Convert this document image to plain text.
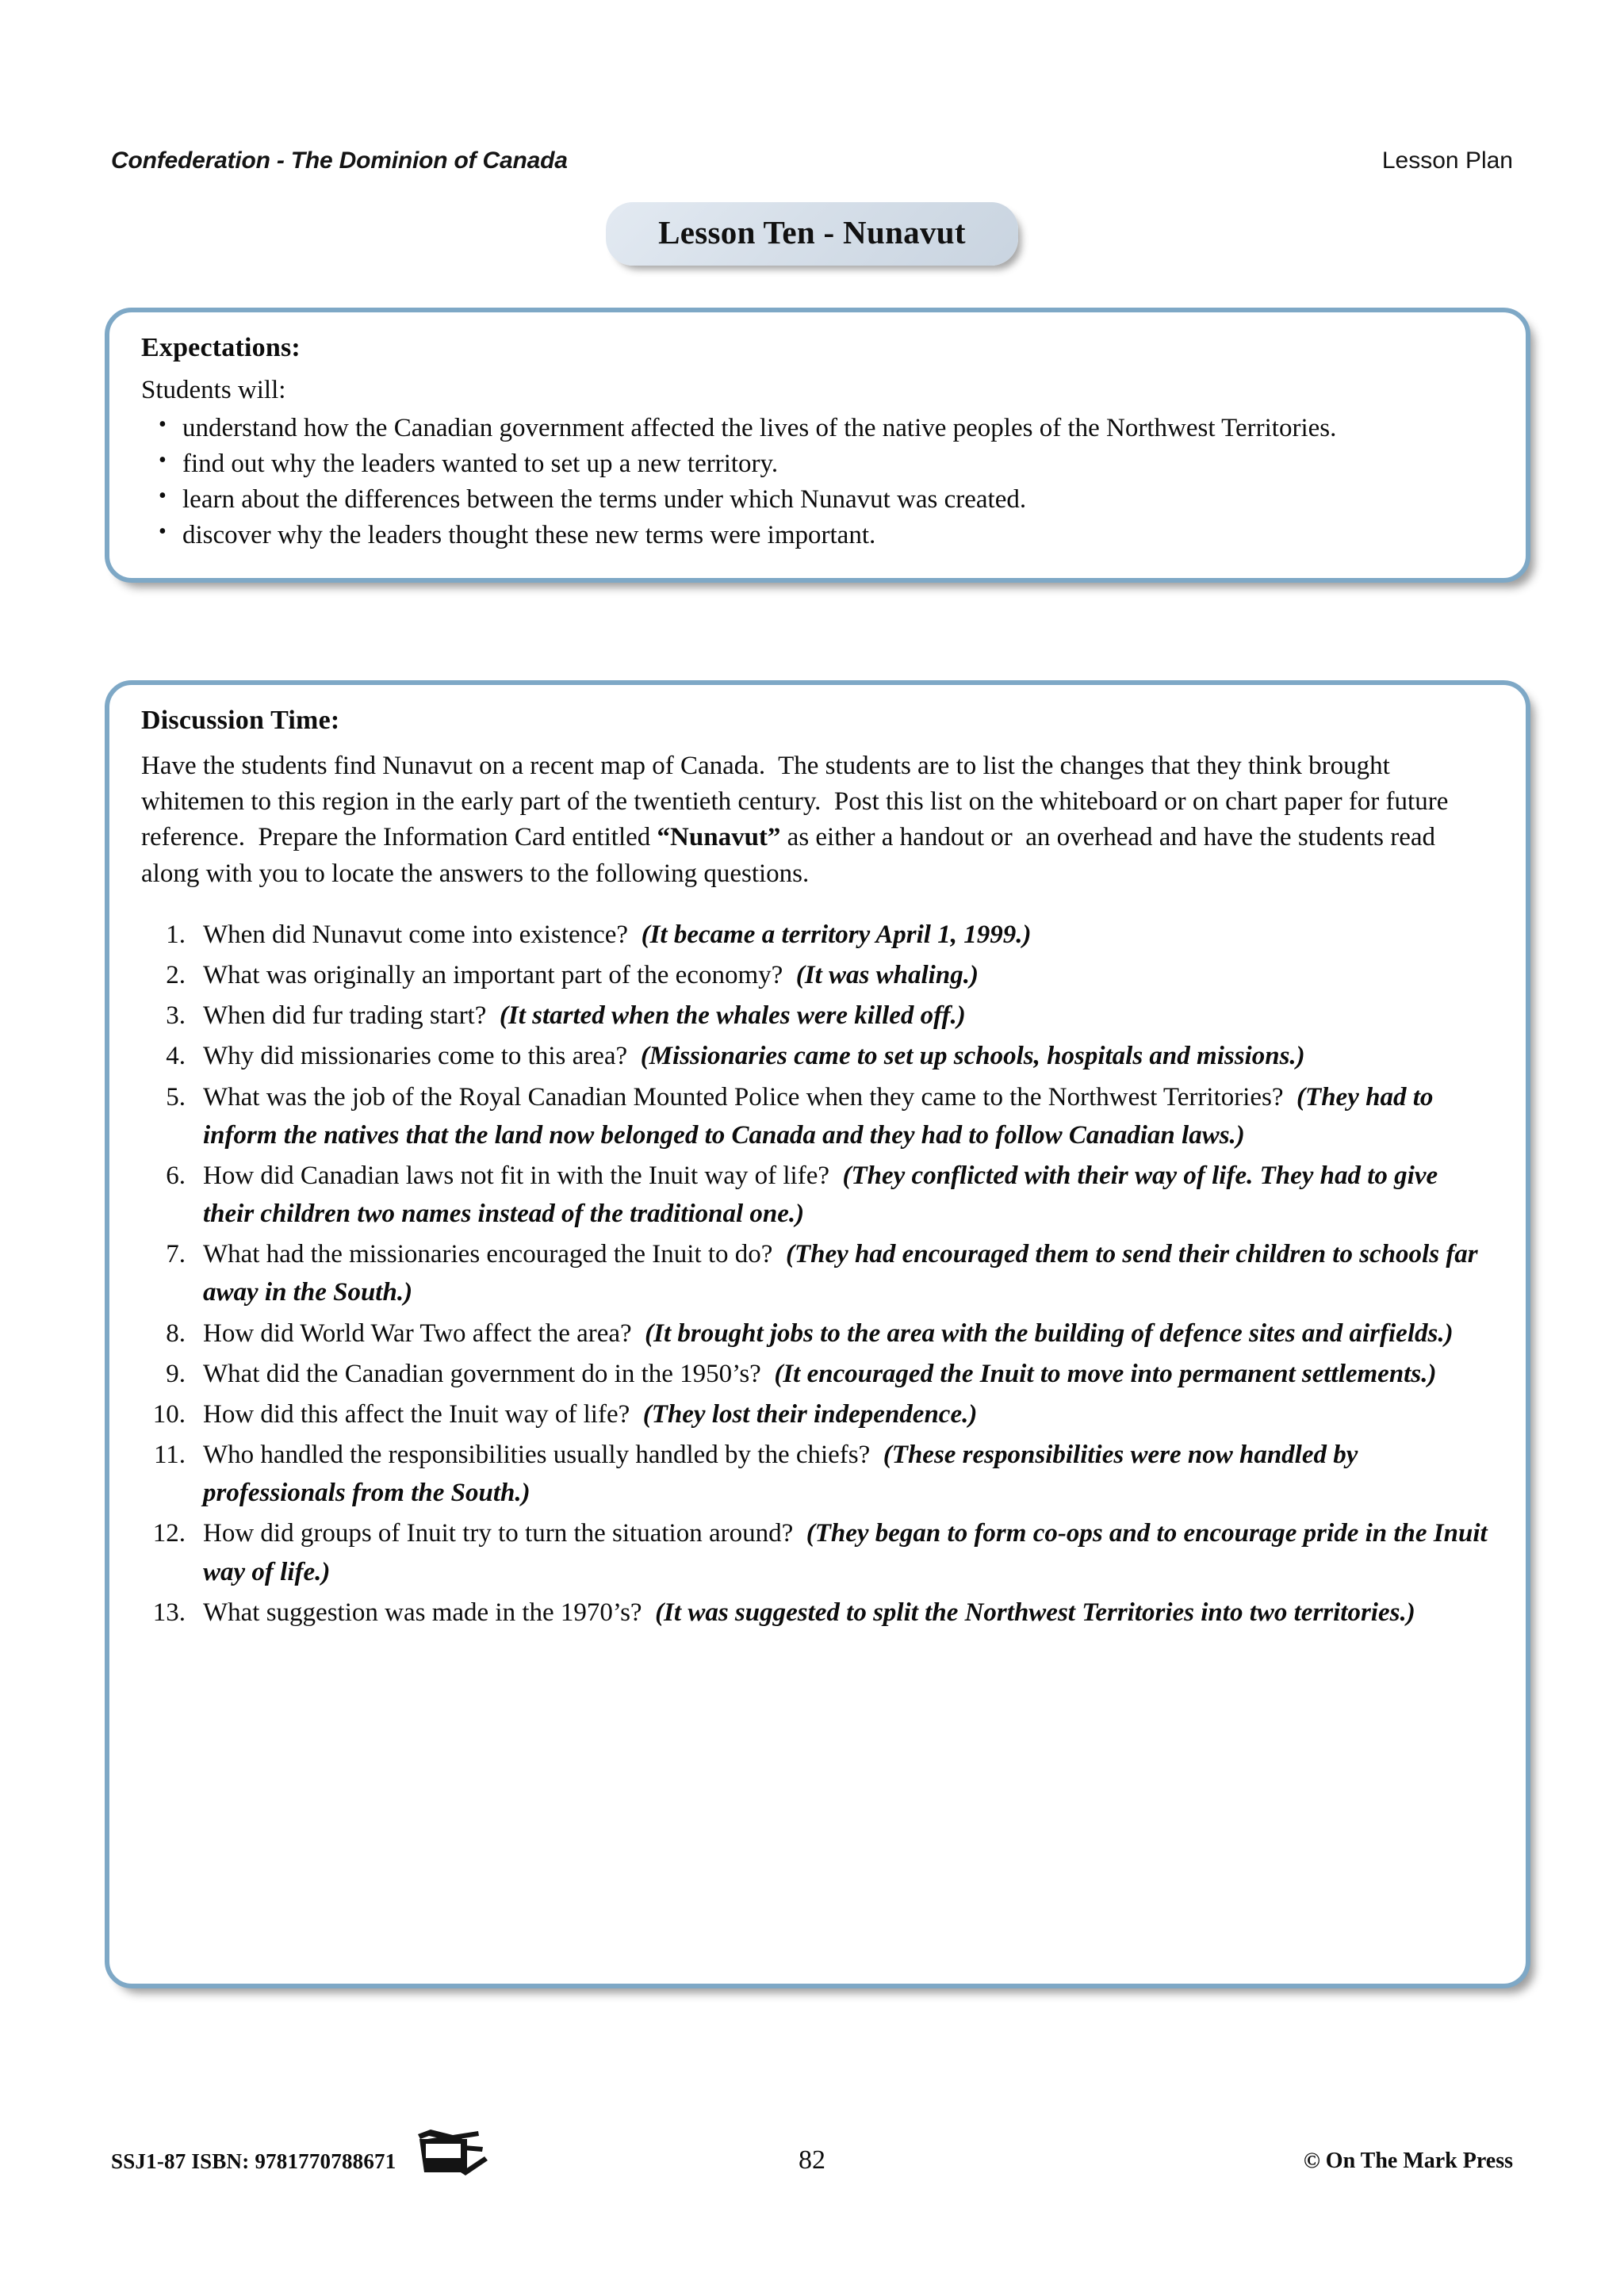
Confederation - The Dominion of Canada	Lesson Plan
Lesson Ten - Nunavut
Expectations:
Students will:
• understand how the Canadian government affected the lives of the native peoples of the Northwest Territories.
• find out why the leaders wanted to set up a new territory.
• learn about the differences between the terms under which Nunavut was created.
• discover why the leaders thought these new terms were important.
Discussion Time:
Have the students find Nunavut on a recent map of Canada.  The students are to list the changes that they think brought whitemen to this region in the early part of the twentieth century.  Post this list on the whiteboard or on chart paper for future reference.  Prepare the Information Card entitled “Nunavut” as either a handout or  an overhead and have the students read along with you to locate the answers to the following questions.
1. When did Nunavut come into existence? (It became a territory April 1, 1999.)
2. What was originally an important part of the economy? (It was whaling.)
3. When did fur trading start? (It started when the whales were killed off.)
4. Why did missionaries come to this area? (Missionaries came to set up schools, hospitals and missions.)
5. What was the job of the Royal Canadian Mounted Police when they came to the Northwest Territories? (They had to inform the natives that the land now belonged to Canada and they had to follow Canadian laws.)
6. How did Canadian laws not fit in with the Inuit way of life? (They conflicted with their way of life. They had to give their children two names instead of the traditional one.)
7. What had the missionaries encouraged the Inuit to do? (They had encouraged them to send their children to schools far away in the South.)
8. How did World War Two affect the area? (It brought jobs to the area with the building of defence sites and airfields.)
9. What did the Canadian government do in the 1950’s? (It encouraged the Inuit to move into permanent settlements.)
10. How did this affect the Inuit way of life? (They lost their independence.)
11. Who handled the responsibilities usually handled by the chiefs? (These responsibilities were now handled by professionals from the South.)
12. How did groups of Inuit try to turn the situation around? (They began to form co-ops and to encourage pride in the Inuit way of life.)
13. What suggestion was made in the 1970’s? (It was suggested to split the Northwest Territories into two territories.)
SSJ1-87 ISBN: 9781770788671	82	© On The Mark Press
